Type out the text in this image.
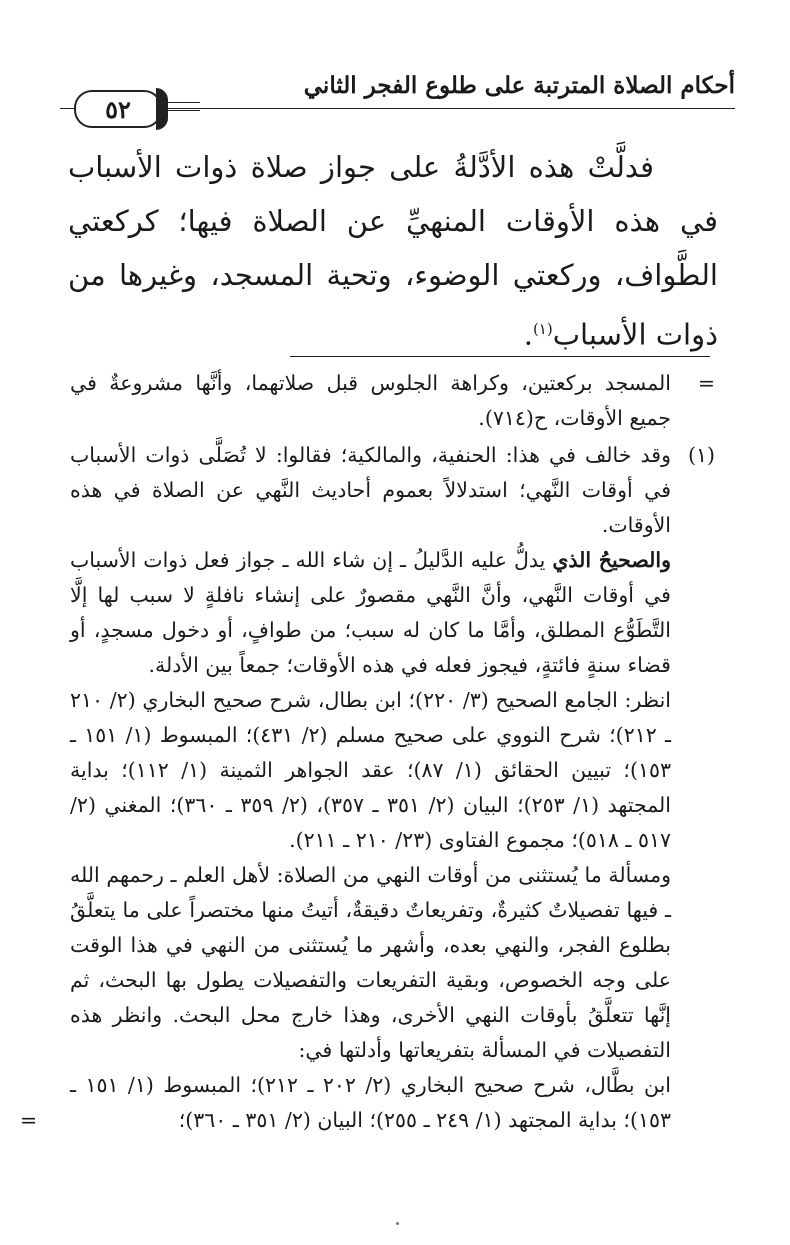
أحكام الصلاة المترتبة على طلوع الفجر الثاني
٥٢

فدلَّتْ هذه الأدَّلةُ على جواز صلاة ذوات الأسباب في هذه الأوقات المنهيِّ عن الصلاة فيها؛ كركعتي الطَّواف، وركعتي الوضوء، وتحية المسجد، وغيرها من ذوات الأسباب$^{(١)}$.

=

المسجد بركعتين، وكراهة الجلوس قبل صلاتهما، وأنَّها مشروعةٌ في جميع الأوقات، ح(٧١٤).

(١)

وقد خالف في هذا: الحنفية، والمالكية؛ فقالوا: لا تُصَلَّى ذوات الأسباب في أوقات النَّهي؛ استدلالاً بعموم أحاديث النَّهي عن الصلاة في هذه الأوقات.

والصحيحُ الذي يدلُّ عليه الدَّليلُ ـ إن شاء الله ـ جواز فعل ذوات الأسباب في أوقات النَّهي، وأنَّ النَّهي مقصورٌ على إنشاء نافلةٍ لا سبب لها إلَّا التَّطَوُّع المطلق، وأمَّا ما كان له سبب؛ من طوافٍ، أو دخول مسجدٍ، أو قضاء سنةٍ فائتةٍ، فيجوز فعله في هذه الأوقات؛ جمعاً بين الأدلة.

انظر: الجامع الصحيح (٣/ ٢٢٠)؛ ابن بطال، شرح صحيح البخاري (٢/ ٢١٠ ـ ٢١٢)؛ شرح النووي على صحيح مسلم (٢/ ٤٣١)؛ المبسوط (١/ ١٥١ ـ ١٥٣)؛ تبيين الحقائق (١/ ٨٧)؛ عقد الجواهر الثمينة (١/ ١١٢)؛ بداية المجتهد (١/ ٢٥٣)؛ البيان (٢/ ٣٥١ ـ ٣٥٧)، (٢/ ٣٥٩ ـ ٣٦٠)؛ المغني (٢/ ٥١٧ ـ ٥١٨)؛ مجموع الفتاوى (٢٣/ ٢١٠ ـ ٢١١).

ومسألة ما يُستثنى من أوقات النهي من الصلاة: لأهل العلم ـ رحمهم الله ـ فيها تفصيلاتٌ كثيرةٌ، وتفريعاتٌ دقيقةٌ، أتيتُ منها مختصراً على ما يتعلَّقُ بطلوع الفجر، والنهي بعده، وأشهر ما يُستثنى من النهي في هذا الوقت على وجه الخصوص، وبقية التفريعات والتفصيلات يطول بها البحث، ثم إنَّها تتعلَّقُ بأوقات النهي الأخرى، وهذا خارج محل البحث. وانظر هذه التفصيلات في المسألة بتفريعاتها وأدلتها في:

ابن بطَّال، شرح صحيح البخاري (٢/ ٢٠٢ ـ ٢١٢)؛ المبسوط (١/ ١٥١ ـ ١٥٣)؛ بداية المجتهد (١/ ٢٤٩ ـ ٢٥٥)؛ البيان (٢/ ٣٥١ ـ ٣٦٠)؛
=
